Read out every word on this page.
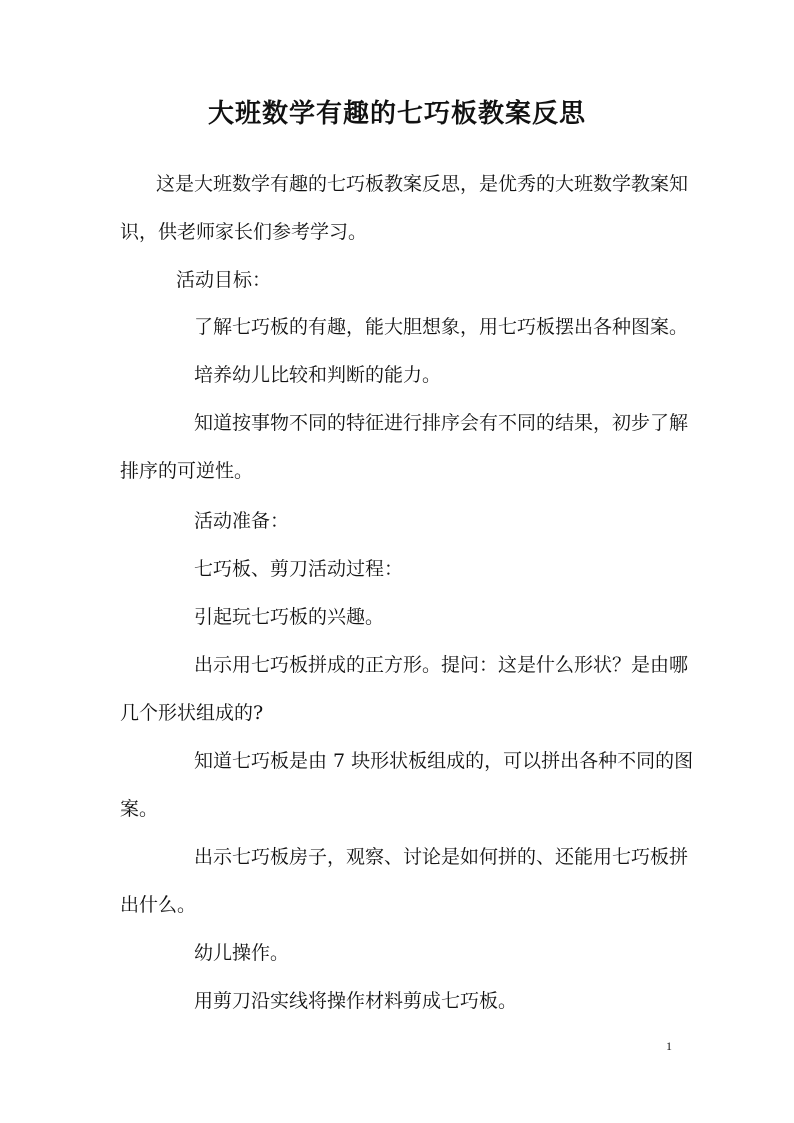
大班数学有趣的七巧板教案反思
这是大班数学有趣的七巧板教案反思，是优秀的大班数学教案知
识，供老师家长们参考学习。
活动目标：
了解七巧板的有趣，能大胆想象，用七巧板摆出各种图案。
培养幼儿比较和判断的能力。
知道按事物不同的特征进行排序会有不同的结果，初步了解
排序的可逆性。
活动准备：
七巧板、剪刀活动过程：
引起玩七巧板的兴趣。
出示用七巧板拼成的正方形。提问：这是什么形状？是由哪
几个形状组成的?
知道七巧板是由 7 块形状板组成的，可以拼出各种不同的图
案。
出示七巧板房子，观察、讨论是如何拼的、还能用七巧板拼
出什么。
幼儿操作。
用剪刀沿实线将操作材料剪成七巧板。
1
